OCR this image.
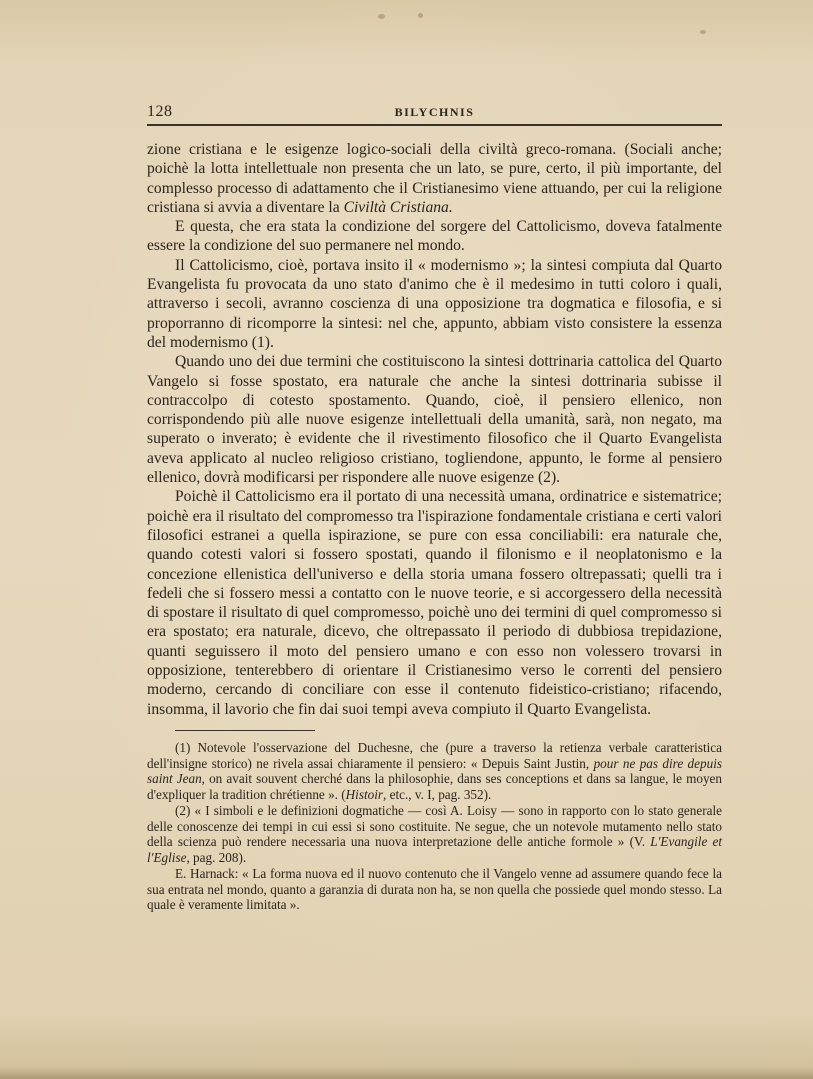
128	BILYCHNIS

zione cristiana e le esigenze logico-sociali della civiltà greco-romana. (Sociali anche; poichè la lotta intellettuale non presenta che un lato, se pure, certo, il più importante, del complesso processo di adattamento che il Cristianesimo viene attuando, per cui la religione cristiana si avvia a diventare la Civiltà Cristiana.

E questa, che era stata la condizione del sorgere del Cattolicismo, doveva fatalmente essere la condizione del suo permanere nel mondo.

Il Cattolicismo, cioè, portava insito il « modernismo »; la sintesi compiuta dal Quarto Evangelista fu provocata da uno stato d'animo che è il medesimo in tutti coloro i quali, attraverso i secoli, avranno coscienza di una opposizione tra dogmatica e filosofia, e si proporranno di ricomporre la sintesi: nel che, appunto, abbiam visto consistere la essenza del modernismo (1).

Quando uno dei due termini che costituiscono la sintesi dottrinaria cattolica del Quarto Vangelo si fosse spostato, era naturale che anche la sintesi dottrinaria subisse il contraccolpo di cotesto spostamento. Quando, cioè, il pensiero ellenico, non corrispondendo più alle nuove esigenze intellettuali della umanità, sarà, non negato, ma superato o inverato; è evidente che il rivestimento filosofico che il Quarto Evangelista aveva applicato al nucleo religioso cristiano, togliendone, appunto, le forme al pensiero ellenico, dovrà modificarsi per rispondere alle nuove esigenze (2).

Poichè il Cattolicismo era il portato di una necessità umana, ordinatrice e sistematrice; poichè era il risultato del compromesso tra l'ispirazione fondamentale cristiana e certi valori filosofici estranei a quella ispirazione, se pure con essa conciliabili: era naturale che, quando cotesti valori si fossero spostati, quando il filonismo e il neoplatonismo e la concezione ellenistica dell'universo e della storia umana fossero oltrepassati; quelli tra i fedeli che si fossero messi a contatto con le nuove teorie, e si accorgessero della necessità di spostare il risultato di quel compromesso, poichè uno dei termini di quel compromesso si era spostato; era naturale, dicevo, che oltrepassato il periodo di dubbiosa trepidazione, quanti seguissero il moto del pensiero umano e con esso non volessero trovarsi in opposizione, tenterebbero di orientare il Cristianesimo verso le correnti del pensiero moderno, cercando di conciliare con esse il contenuto fideistico-cristiano; rifacendo, insomma, il lavorio che fin dai suoi tempi aveva compiuto il Quarto Evangelista.

(1) Notevole l'osservazione del Duchesne, che (pure a traverso la retienza verbale caratteristica dell'insigne storico) ne rivela assai chiaramente il pensiero: « Depuis Saint Justin, pour ne pas dire depuis saint Jean, on avait souvent cherché dans la philosophie, dans ses conceptions et dans sa langue, le moyen d'expliquer la tradition chrétienne ». (Histoir, etc., v. I, pag. 352).

(2) « I simboli e le definizioni dogmatiche — così A. Loisy — sono in rapporto con lo stato generale delle conoscenze dei tempi in cui essi si sono costituite. Ne segue, che un notevole mutamento nello stato della scienza può rendere necessaria una nuova interpretazione delle antiche formole » (V. L'Evangile et l'Eglise, pag. 208).

E. Harnack: « La forma nuova ed il nuovo contenuto che il Vangelo venne ad assumere quando fece la sua entrata nel mondo, quanto a garanzia di durata non ha, se non quella che possiede quel mondo stesso. La quale è veramente limitata ».
